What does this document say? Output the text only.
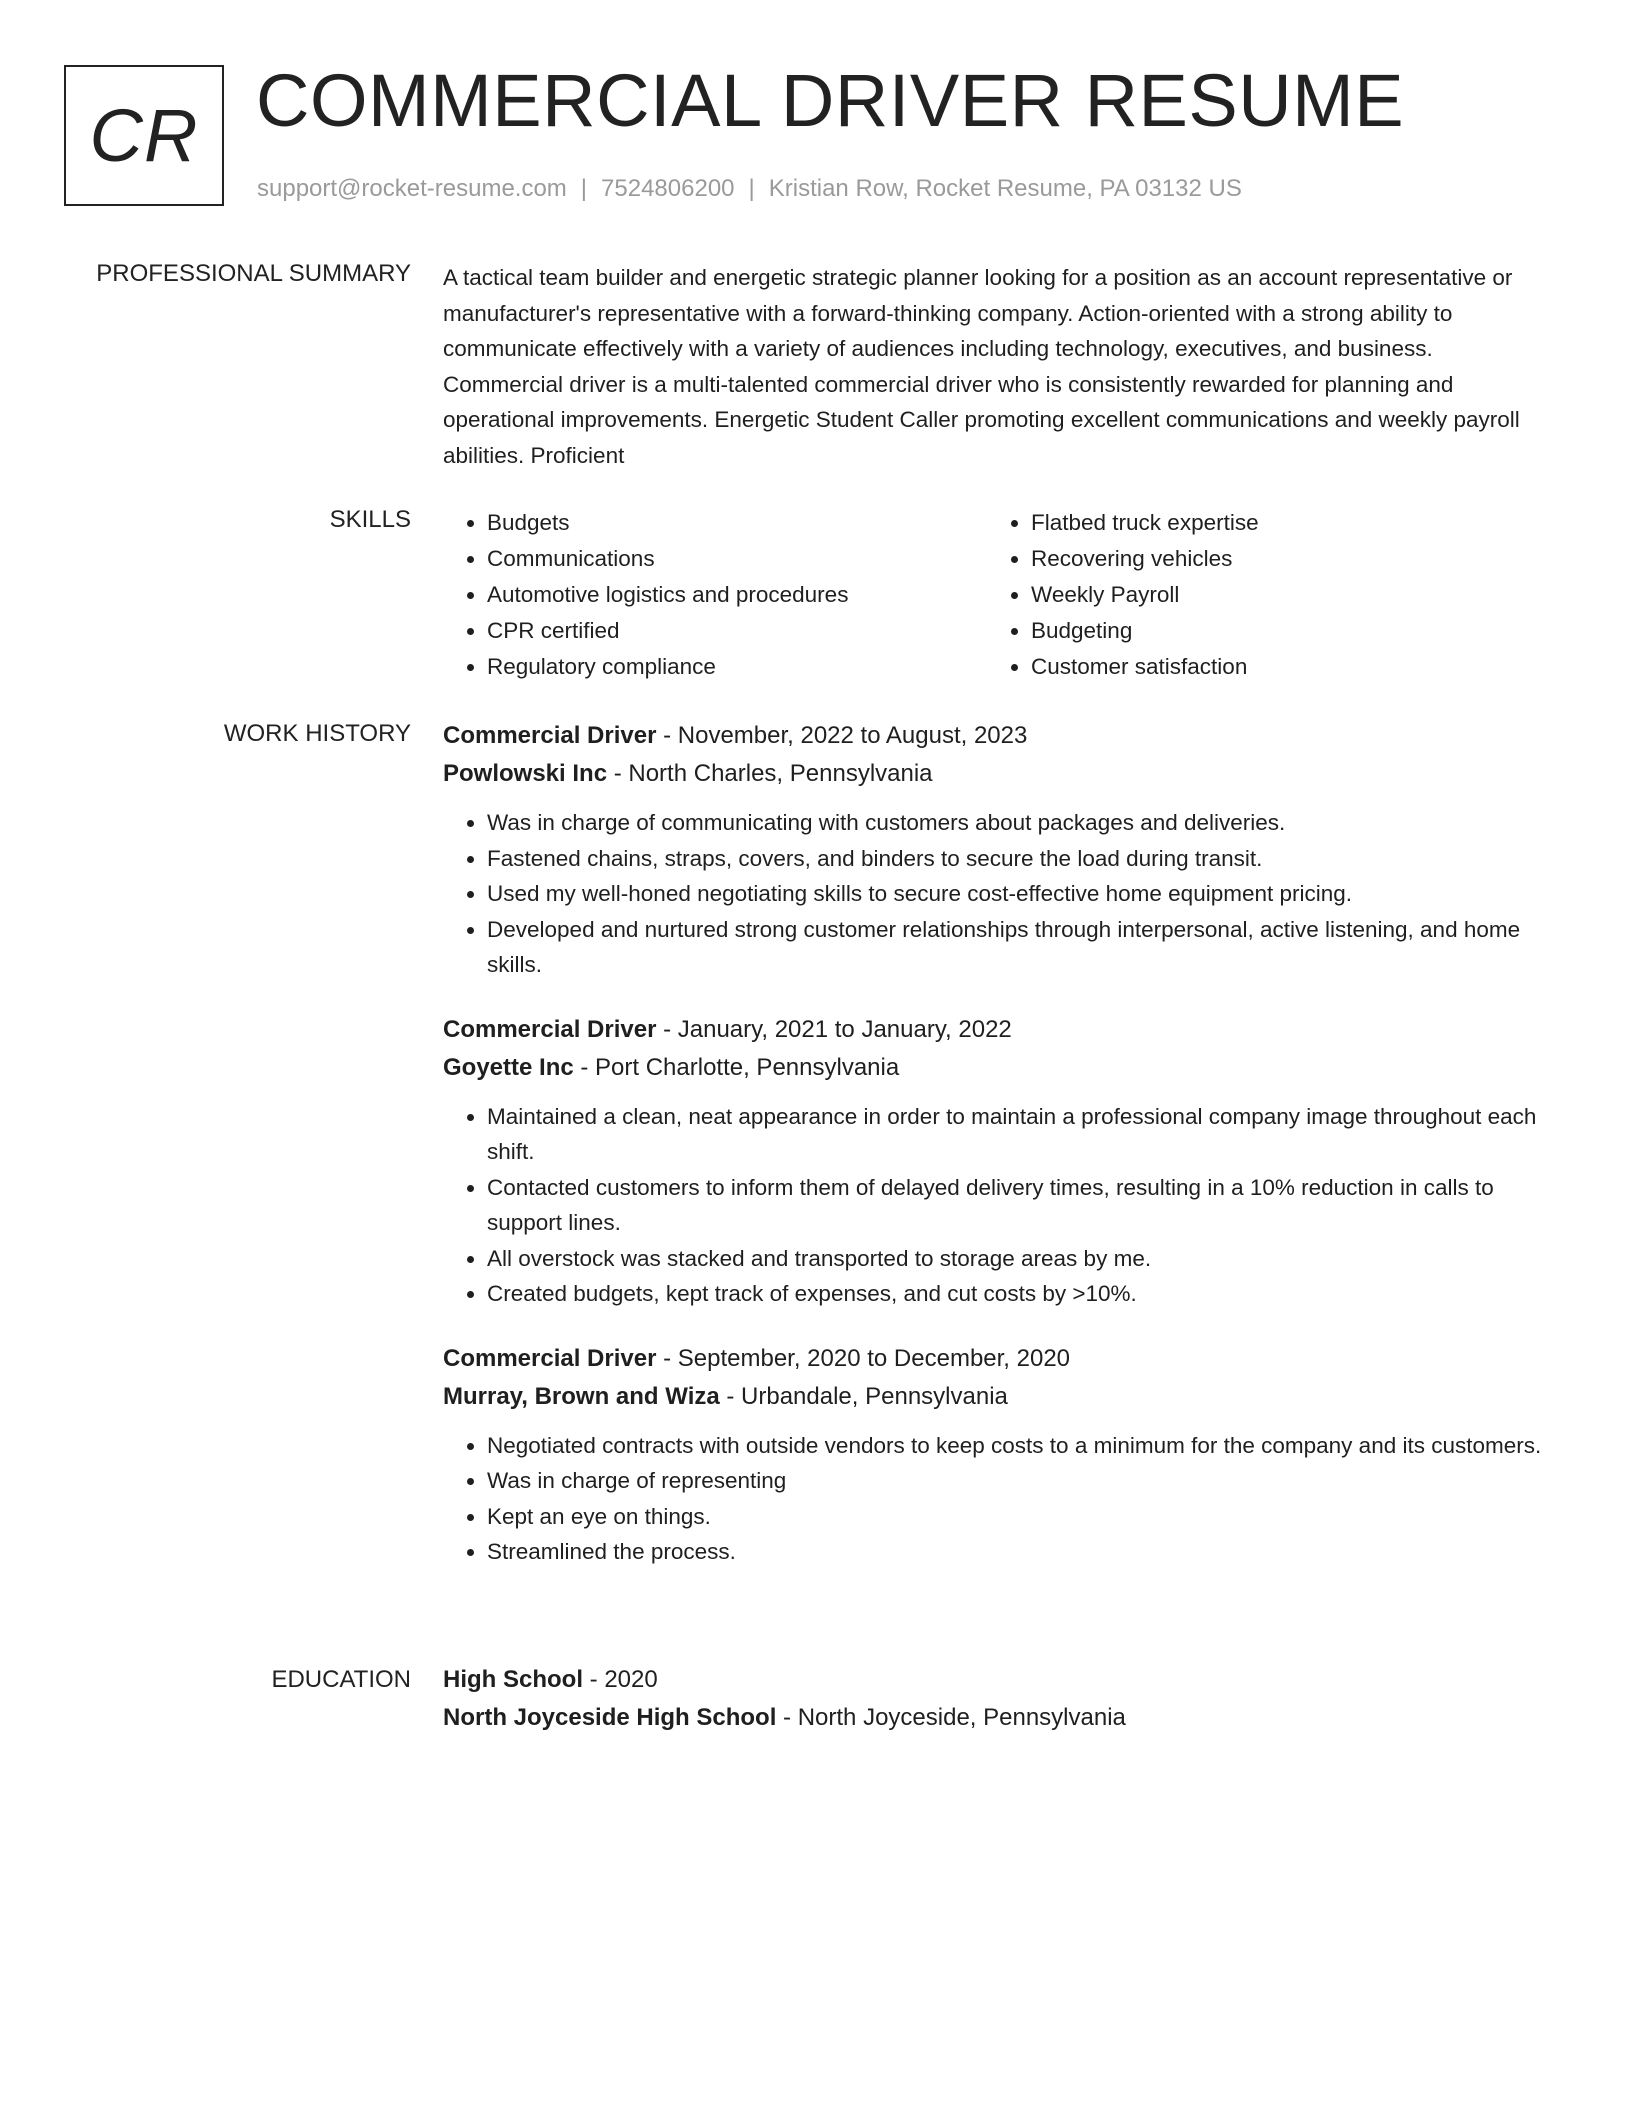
CR COMMERCIAL DRIVER RESUME
support@rocket-resume.com | 7524806200 | Kristian Row, Rocket Resume, PA 03132 US
PROFESSIONAL SUMMARY A tactical team builder and energetic strategic planner looking for a position as an account representative or manufacturer's representative with a forward-thinking company. Action-oriented with a strong ability to communicate effectively with a variety of audiences including technology, executives, and business. Commercial driver is a multi-talented commercial driver who is consistently rewarded for planning and operational improvements. Energetic Student Caller promoting excellent communications and weekly payroll abilities. Proficient

SKILLS
•	Budgets
• Communications
• Automotive logistics and procedures
• CPR certified
• Regulatory compliance
• Flatbed truck expertise
• Recovering vehicles
• Weekly Payroll
• Budgeting
• Customer satisfaction
WORK HISTORY Commercial Driver - November, 2022 to August, 2023
Powlowski Inc - North Charles, Pennsylvania
• Was in charge of communicating with customers about packages and deliveries.
• Fastened chains, straps, covers, and binders to secure the load during transit.
• Used my well-honed negotiating skills to secure cost-effective home equipment pricing.
• Developed and nurtured strong customer relationships through interpersonal, active listening, and home skills.
Commercial Driver - January, 2021 to January, 2022
Goyette Inc - Port Charlotte, Pennsylvania
• Maintained a clean, neat appearance in order to maintain a professional company image throughout each shift.
• Contacted customers to inform them of delayed delivery times, resulting in a 10% reduction in calls to support lines.
• All overstock was stacked and transported to storage areas by me.
• Created budgets, kept track of expenses, and cut costs by >10%.
Commercial Driver - September, 2020 to December, 2020
Murray, Brown and Wiza - Urbandale, Pennsylvania
• Negotiated contracts with outside vendors to keep costs to a minimum for the company and its customers.
• Was in charge of representing
• Kept an eye on things.
• Streamlined the process.
EDUCATION High School - 2020
North Joyceside High School - North Joyceside, Pennsylvania
